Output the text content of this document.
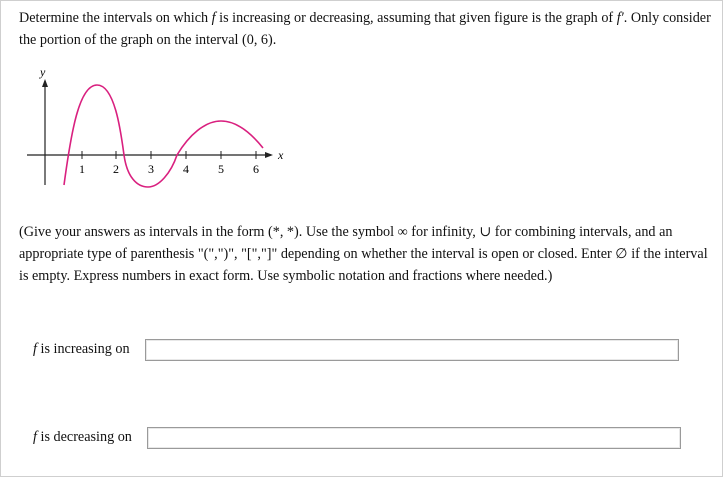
Determine the intervals on which f is increasing or decreasing, assuming that given figure is the graph of f′. Only consider the portion of the graph on the interval (0, 6).
y
x
1 2 3 4 5 6
(Give your answers as intervals in the form (*, *). Use the symbol ∞ for infinity, ∪ for combining intervals, and an appropriate type of parenthesis "(",")", "[","]" depending on whether the interval is open or closed. Enter ∅ if the interval is empty. Express numbers in exact form. Use symbolic notation and fractions where needed.)
f is increasing on
f is decreasing on
